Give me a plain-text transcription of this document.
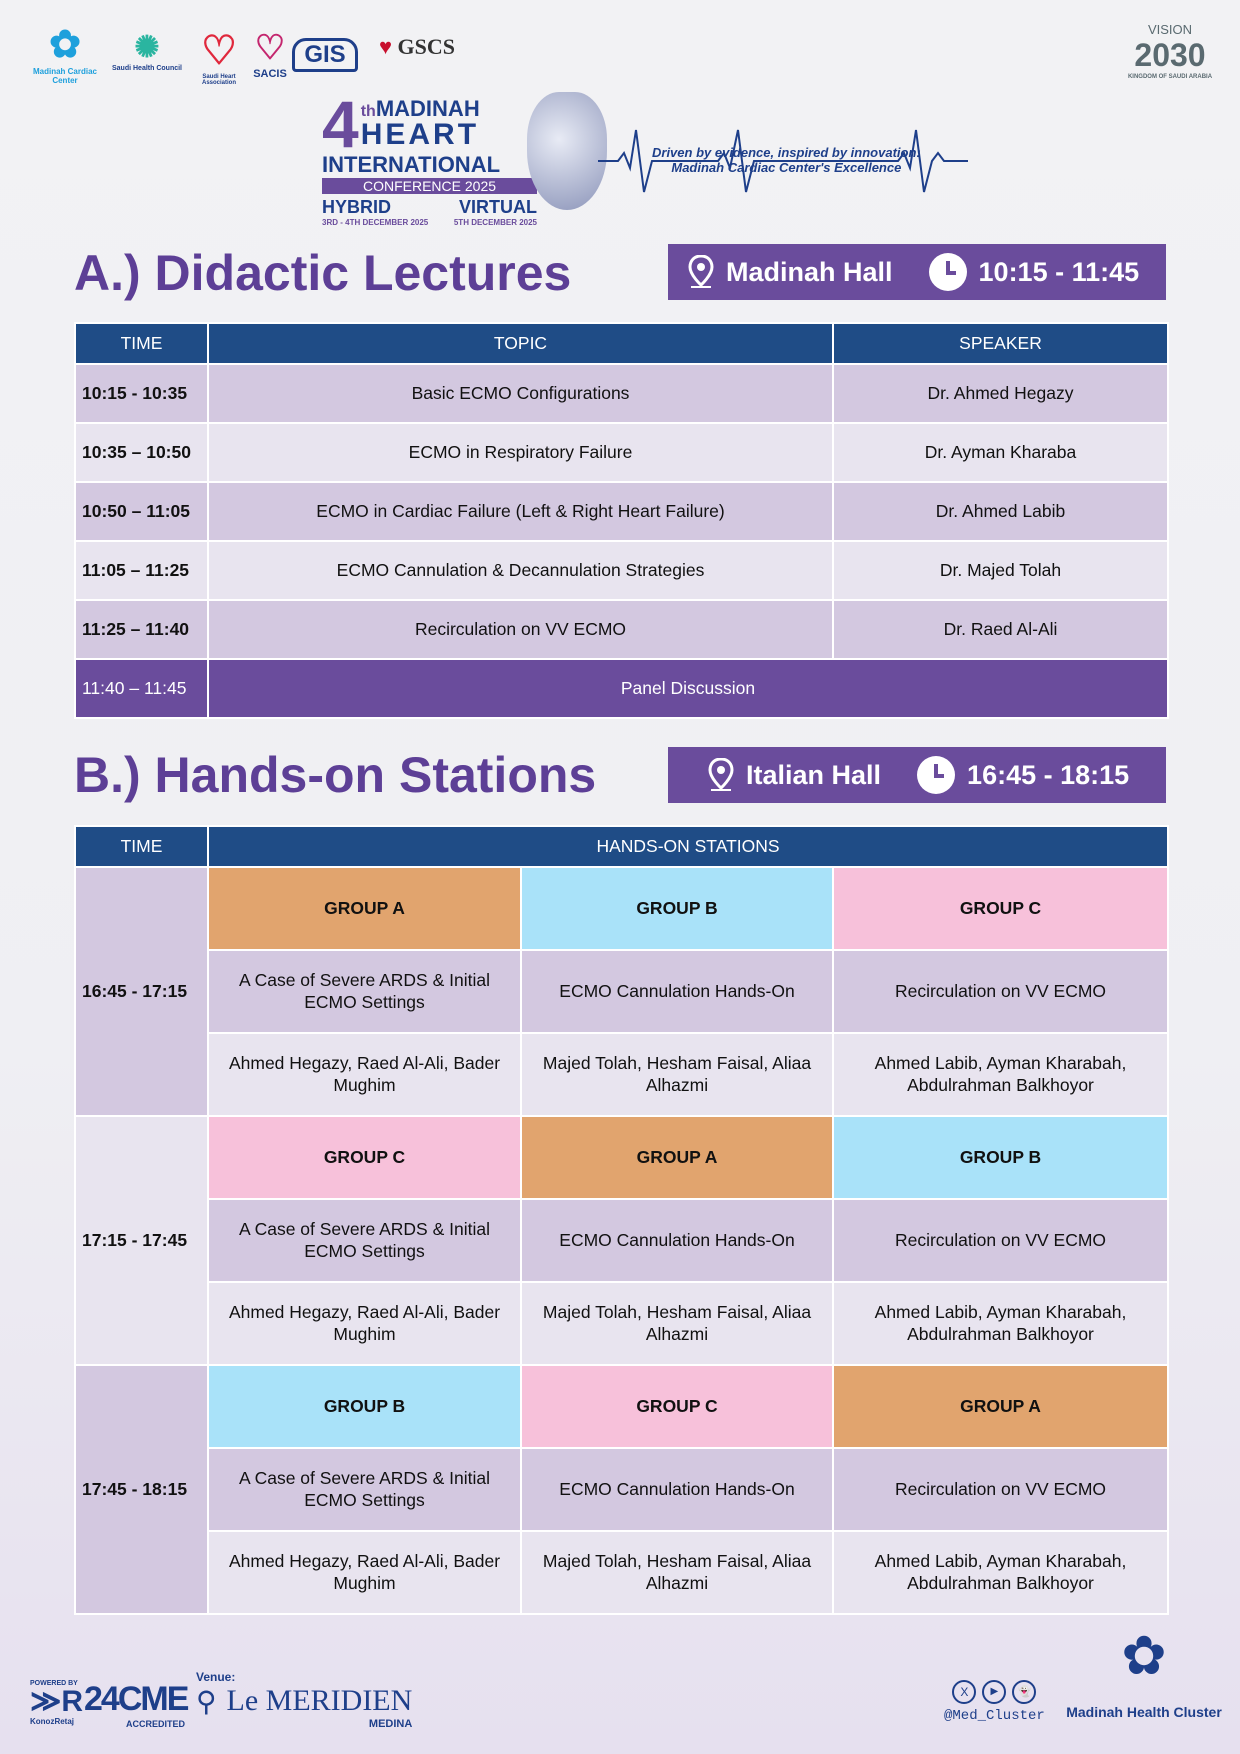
✿
Madinah Cardiac Center
✺
Saudi Health Council ♡
Saudi Heart Association
♡
SACIS
GIS	♥ GSCS
VISION
2030
KINGDOM OF SAUDI ARABIA
4 thMADINAH
HEART
INTERNATIONAL
CONFERENCE 2025
HYBRID	VIRTUAL
3RD - 4TH DECEMBER 2025	5TH DECEMBER 2025
Driven by evidence, inspired by innovation:
Madinah Cardiac Center's Excellence
A.) Didactic Lectures	Madinah Hall	10:15 - 11:45
TIME	TOPIC	SPEAKER
10:15 - 10:35	Basic ECMO Configurations	Dr. Ahmed Hegazy
10:35 – 10:50	ECMO in Respiratory Failure	Dr. Ayman Kharaba
10:50 – 11:05	ECMO in Cardiac Failure (Left & Right Heart Failure)	Dr. Ahmed Labib
11:05 – 11:25	ECMO Cannulation & Decannulation Strategies	Dr. Majed Tolah
11:25 – 11:40	Recirculation on VV ECMO	Dr. Raed Al-Ali
11:40 – 11:45	Panel Discussion	
B.) Hands-on Stations	Italian Hall	16:45 - 18:15
TIME	HANDS-ON STATIONS		
16:45 - 17:15	GROUP A	GROUP B	GROUP C
	A Case of Severe ARDS & Initial ECMO Settings	ECMO Cannulation Hands-On	Recirculation on VV ECMO
	Ahmed Hegazy, Raed Al-Ali, Bader Mughim	Majed Tolah, Hesham Faisal, Aliaa Alhazmi	Ahmed Labib, Ayman Kharabah, Abdulrahman Balkhoyor
17:15 - 17:45	GROUP C	GROUP A	GROUP B
	A Case of Severe ARDS & Initial ECMO Settings	ECMO Cannulation Hands-On	Recirculation on VV ECMO
	Ahmed Hegazy, Raed Al-Ali, Bader Mughim	Majed Tolah, Hesham Faisal, Aliaa Alhazmi	Ahmed Labib, Ayman Kharabah, Abdulrahman Balkhoyor
17:45 - 18:15	GROUP B	GROUP C	GROUP A
	A Case of Severe ARDS & Initial ECMO Settings	ECMO Cannulation Hands-On	Recirculation on VV ECMO
	Ahmed Hegazy, Raed Al-Ali, Bader Mughim	Majed Tolah, Hesham Faisal, Aliaa Alhazmi	Ahmed Labib, Ayman Kharabah, Abdulrahman Balkhoyor
POWERED BY
≫R
KonozRetaj
24CME
ACCREDITED
Venue:
⚲ Le MERIDIEN
MEDINA
X	▶	👻
@Med_Cluster
✿
Madinah Health Cluster
